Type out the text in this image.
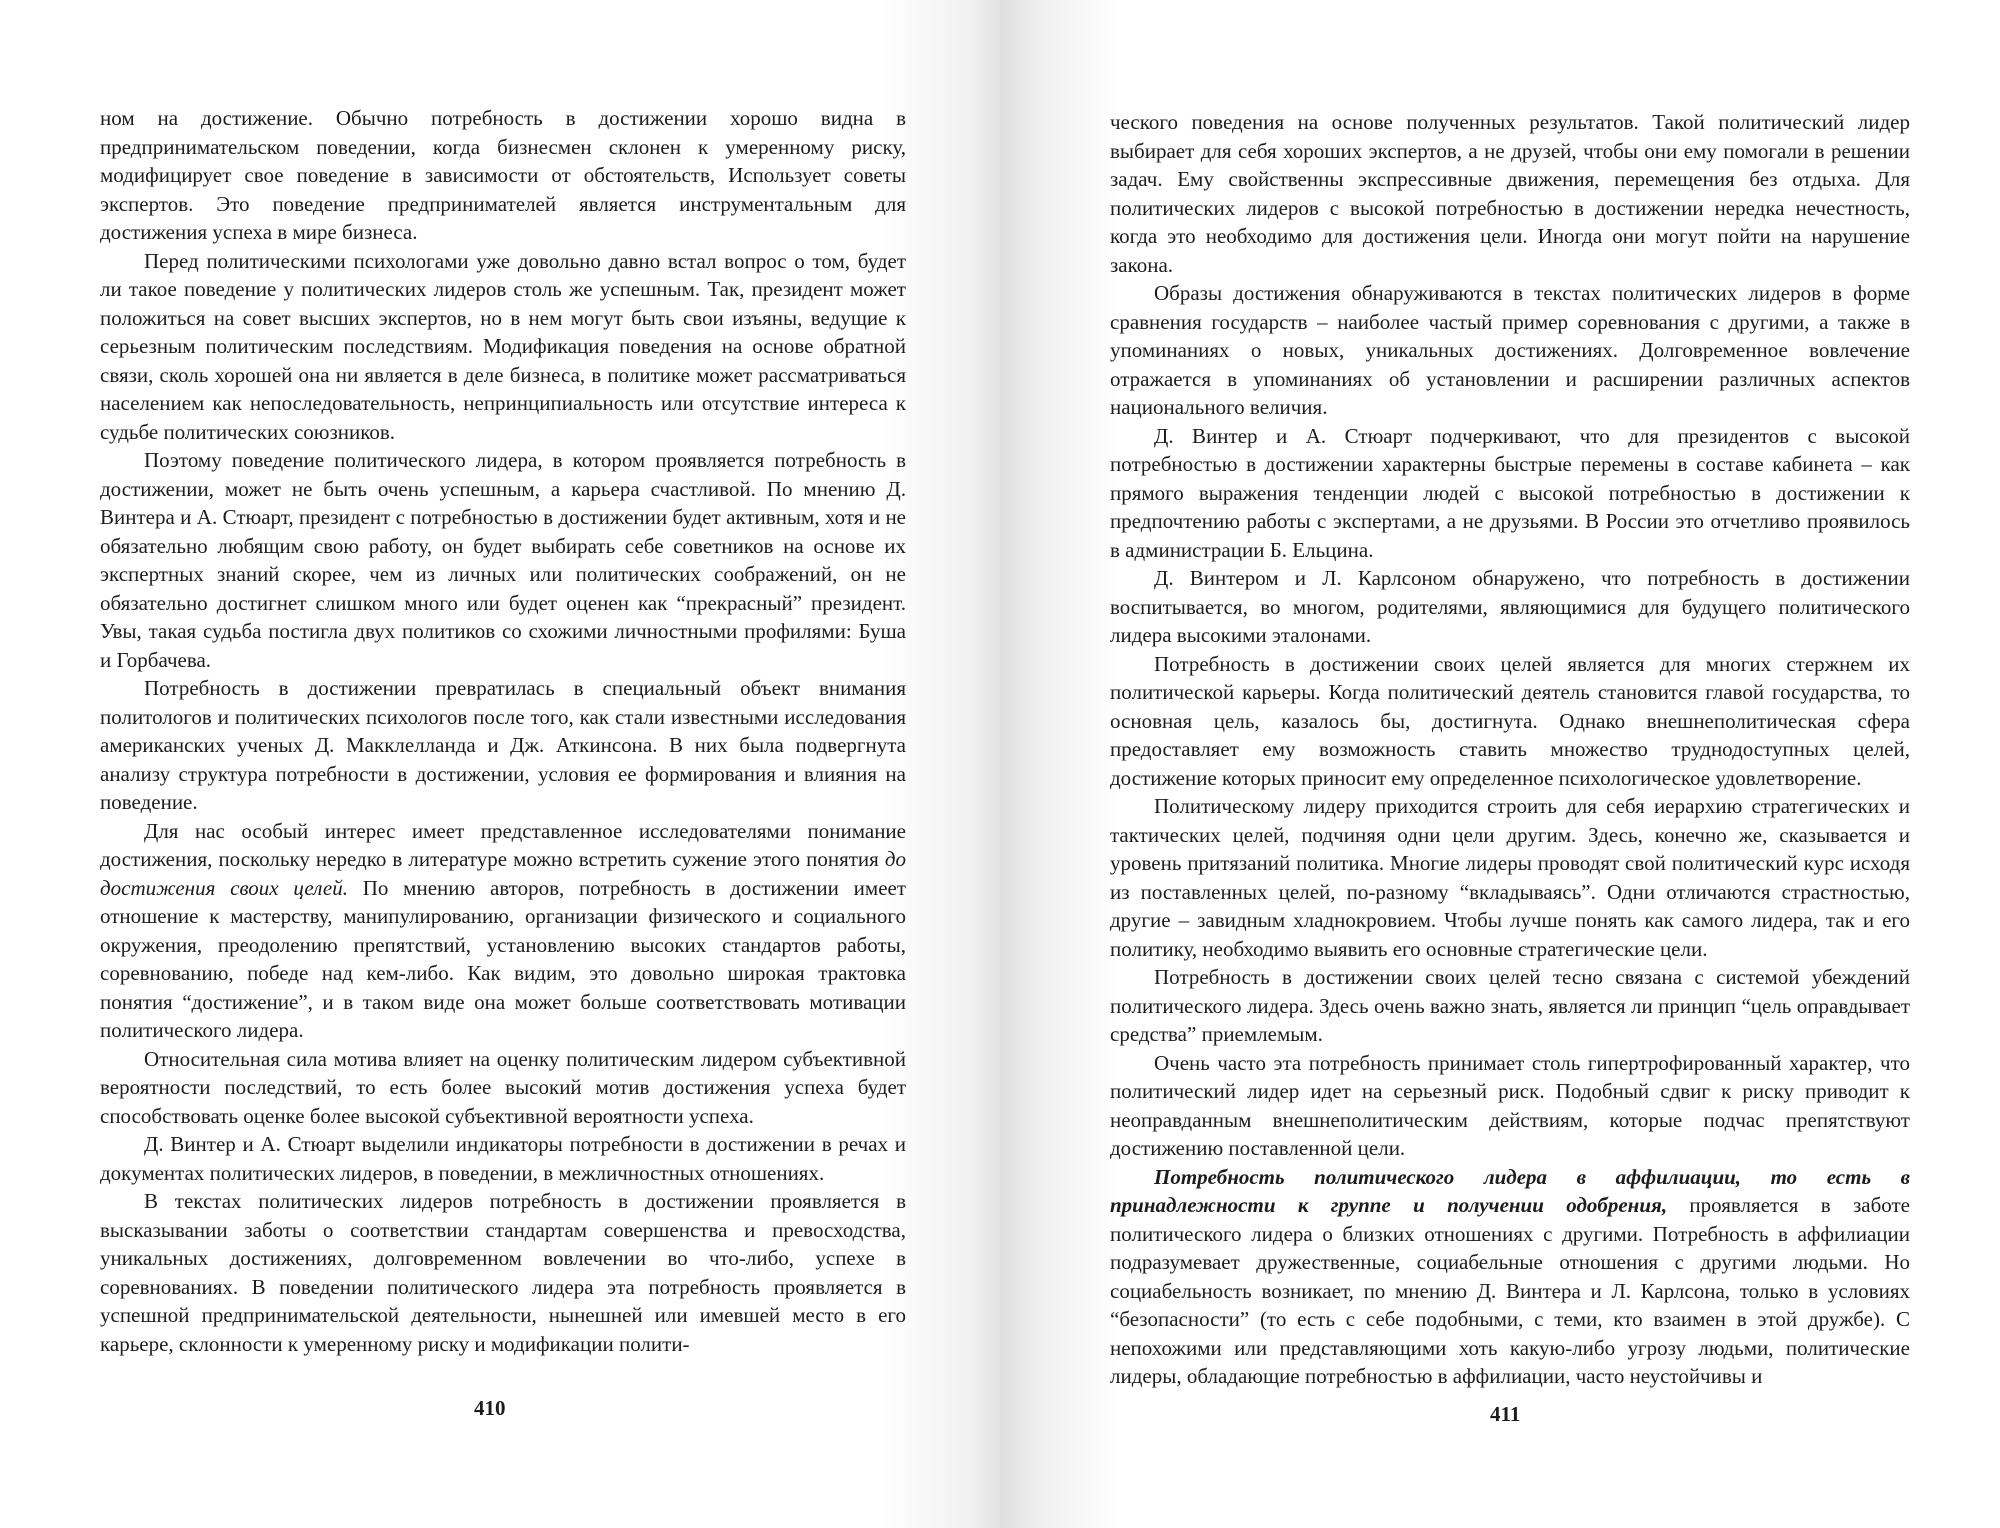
ном на достижение. Обычно потребность в достижении хорошо видна в предпринимательском поведении, когда бизнесмен склонен к умеренному риску, модифицирует свое поведение в зависимости от обстоятельств, Использует советы экспертов. Это поведение предпринимателей является инструментальным для достижения успеха в мире бизнеса.

Перед политическими психологами уже довольно давно встал вопрос о том, будет ли такое поведение у политических лидеров столь же успешным. Так, президент может положиться на совет высших экспертов, но в нем могут быть свои изъяны, ведущие к серьезным политическим последствиям. Модификация поведения на основе обратной связи, сколь хорошей она ни является в деле бизнеса, в политике может рассматриваться населением как непоследовательность, непринципиальность или отсутствие интереса к судьбе политических союзников.

Поэтому поведение политического лидера, в котором проявляется потребность в достижении, может не быть очень успешным, а карьера счастливой. По мнению Д. Винтера и А. Стюарт, президент с потребностью в достижении будет активным, хотя и не обязательно любящим свою работу, он будет выбирать себе советников на основе их экспертных знаний скорее, чем из личных или политических соображений, он не обязательно достигнет слишком много или будет оценен как “прекрасный” президент. Увы, такая судьба постигла двух политиков со схожими личностными профилями: Буша и Горбачева.

Потребность в достижении превратилась в специальный объект внимания политологов и политических психологов после того, как стали известными исследования американских ученых Д. Макклелланда и Дж. Аткинсона. В них была подвергнута анализу структура потребности в достижении, условия ее формирования и влияния на поведение.

Для нас особый интерес имеет представленное исследователями понимание достижения, поскольку нередко в литературе можно встретить сужение этого понятия до достижения своих целей. По мнению авторов, потребность в достижении имеет отношение к мастерству, манипулированию, организации физического и социального окружения, преодолению препятствий, установлению высоких стандартов работы, соревнованию, победе над кем-либо. Как видим, это довольно широкая трактовка понятия “достижение”, и в таком виде она может больше соответствовать мотивации политического лидера.

Относительная сила мотива влияет на оценку политическим лидером субъективной вероятности последствий, то есть более высокий мотив достижения успеха будет способствовать оценке более высокой субъективной вероятности успеха.

Д. Винтер и А. Стюарт выделили индикаторы потребности в достижении в речах и документах политических лидеров, в поведении, в межличностных отношениях.

В текстах политических лидеров потребность в достижении проявляется в высказывании заботы о соответствии стандартам совершенства и превосходства, уникальных достижениях, долговременном вовлечении во что-либо, успехе в соревнованиях. В поведении политического лидера эта потребность проявляется в успешной предпринимательской деятельности, нынешней или имевшей место в его карьере, склонности к умеренному риску и модификации полити-

410

ческого поведения на основе полученных результатов. Такой политический лидер выбирает для себя хороших экспертов, а не друзей, чтобы они ему помогали в решении задач. Ему свойственны экспрессивные движения, перемещения без отдыха. Для политических лидеров с высокой потребностью в достижении нередка нечестность, когда это необходимо для достижения цели. Иногда они могут пойти на нарушение закона.

Образы достижения обнаруживаются в текстах политических лидеров в форме сравнения государств – наиболее частый пример соревнования с другими, а также в упоминаниях о новых, уникальных достижениях. Долговременное вовлечение отражается в упоминаниях об установлении и расширении различных аспектов национального величия.

Д. Винтер и А. Стюарт подчеркивают, что для президентов с высокой потребностью в достижении характерны быстрые перемены в составе кабинета – как прямого выражения тенденции людей с высокой потребностью в достижении к предпочтению работы с экспертами, а не друзьями. В России это отчетливо проявилось в администрации Б. Ельцина.

Д. Винтером и Л. Карлсоном обнаружено, что потребность в достижении воспитывается, во многом, родителями, являющимися для будущего политического лидера высокими эталонами.

Потребность в достижении своих целей является для многих стержнем их политической карьеры. Когда политический деятель становится главой государства, то основная цель, казалось бы, достигнута. Однако внешнеполитическая сфера предоставляет ему возможность ставить множество труднодоступных целей, достижение которых приносит ему определенное психологическое удовлетворение.

Политическому лидеру приходится строить для себя иерархию стратегических и тактических целей, подчиняя одни цели другим. Здесь, конечно же, сказывается и уровень притязаний политика. Многие лидеры проводят свой политический курс исходя из поставленных целей, по-разному “вкладываясь”. Одни отличаются страстностью, другие – завидным хладнокровием. Чтобы лучше понять как самого лидера, так и его политику, необходимо выявить его основные стратегические цели.

Потребность в достижении своих целей тесно связана с системой убеждений политического лидера. Здесь очень важно знать, является ли принцип “цель оправдывает средства” приемлемым.

Очень часто эта потребность принимает столь гипертрофированный характер, что политический лидер идет на серьезный риск. Подобный сдвиг к риску приводит к неоправданным внешнеполитическим действиям, которые подчас препятствуют достижению поставленной цели.

Потребность политического лидера в аффилиации, то есть в принадлежности к группе и получении одобрения, проявляется в заботе политического лидера о близких отношениях с другими. Потребность в аффилиации подразумевает дружественные, социабельные отношения с другими людьми. Но социабельность возникает, по мнению Д. Винтера и Л. Карлсона, только в условиях “безопасности” (то есть с себе подобными, с теми, кто взаимен в этой дружбе). С непохожими или представляющими хоть какую-либо угрозу людьми, политические лидеры, обладающие потребностью в аффилиации, часто неустойчивы и

411
